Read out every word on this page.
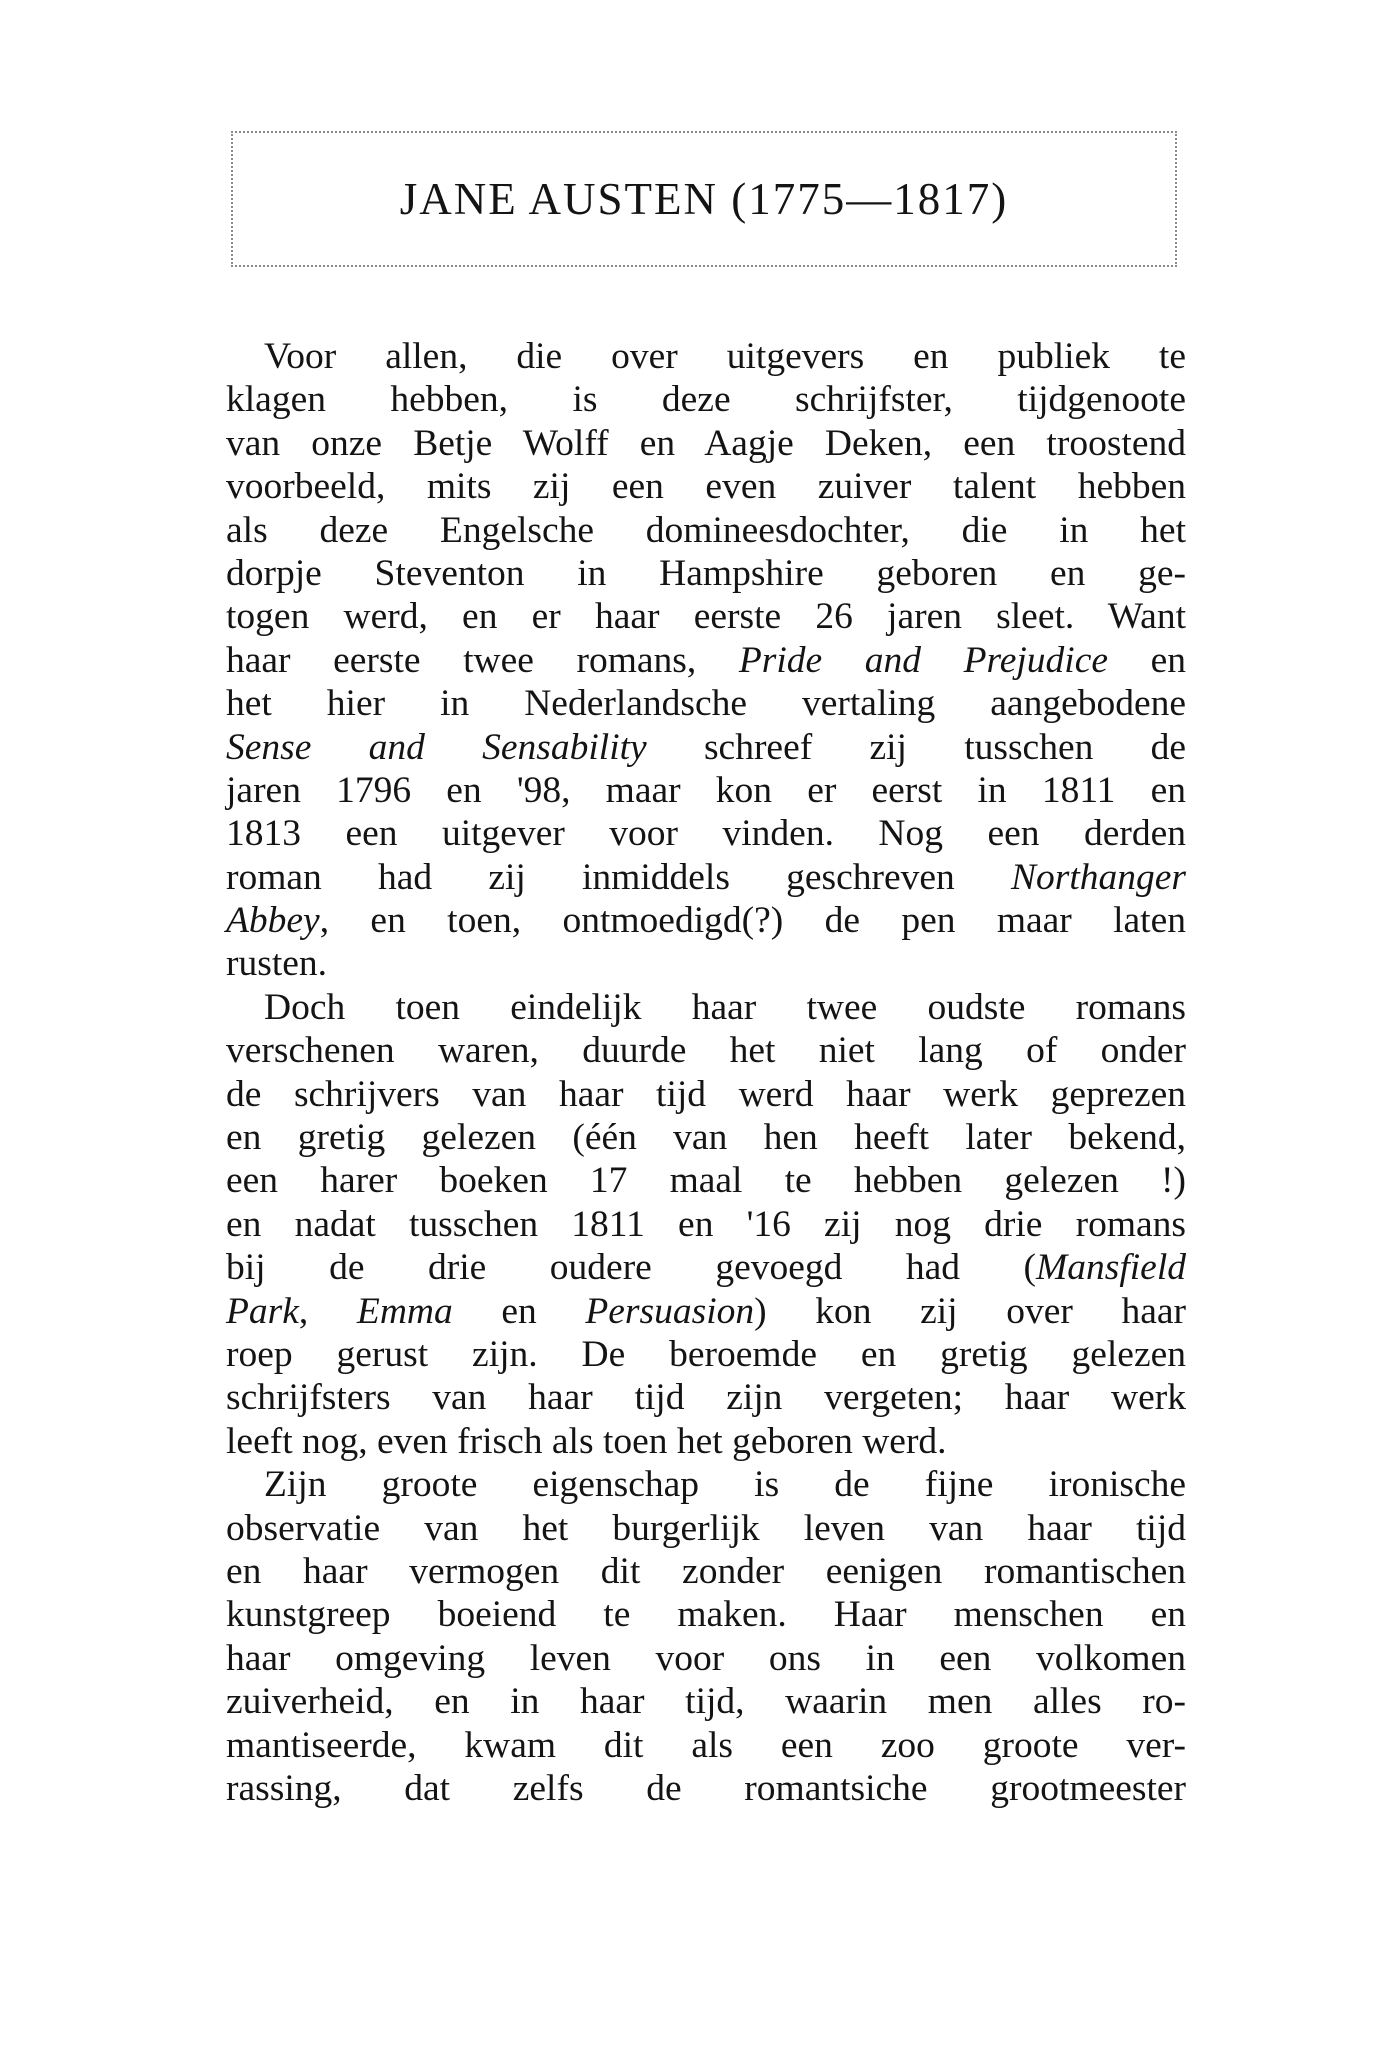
JANE AUSTEN (1775—1817)
Voor allen, die over uitgevers en publiek te
klagen hebben, is deze schrijfster, tijdgenoote
van onze Betje Wolff en Aagje Deken, een troostend
voorbeeld, mits zij een even zuiver talent hebben
als deze Engelsche domineesdochter, die in het
dorpje Steventon in Hampshire geboren en ge-
togen werd, en er haar eerste 26 jaren sleet. Want
haar eerste twee romans, Pride and Prejudice en
het hier in Nederlandsche vertaling aangebodene
Sense and Sensability schreef zij tusschen de
jaren 1796 en '98, maar kon er eerst in 1811 en
1813 een uitgever voor vinden. Nog een derden
roman had zij inmiddels geschreven Northanger
Abbey, en toen, ontmoedigd(?) de pen maar laten
rusten.
Doch toen eindelijk haar twee oudste romans
verschenen waren, duurde het niet lang of onder
de schrijvers van haar tijd werd haar werk geprezen
en gretig gelezen (één van hen heeft later bekend,
een harer boeken 17 maal te hebben gelezen !)
en nadat tusschen 1811 en '16 zij nog drie romans
bij de drie oudere gevoegd had (Mansfield
Park, Emma en Persuasion) kon zij over haar
roep gerust zijn. De beroemde en gretig gelezen
schrijfsters van haar tijd zijn vergeten; haar werk
leeft nog, even frisch als toen het geboren werd.
Zijn groote eigenschap is de fijne ironische
observatie van het burgerlijk leven van haar tijd
en haar vermogen dit zonder eenigen romantischen
kunstgreep boeiend te maken. Haar menschen en
haar omgeving leven voor ons in een volkomen
zuiverheid, en in haar tijd, waarin men alles ro-
mantiseerde, kwam dit als een zoo groote ver-
rassing, dat zelfs de romantsiche grootmeester
